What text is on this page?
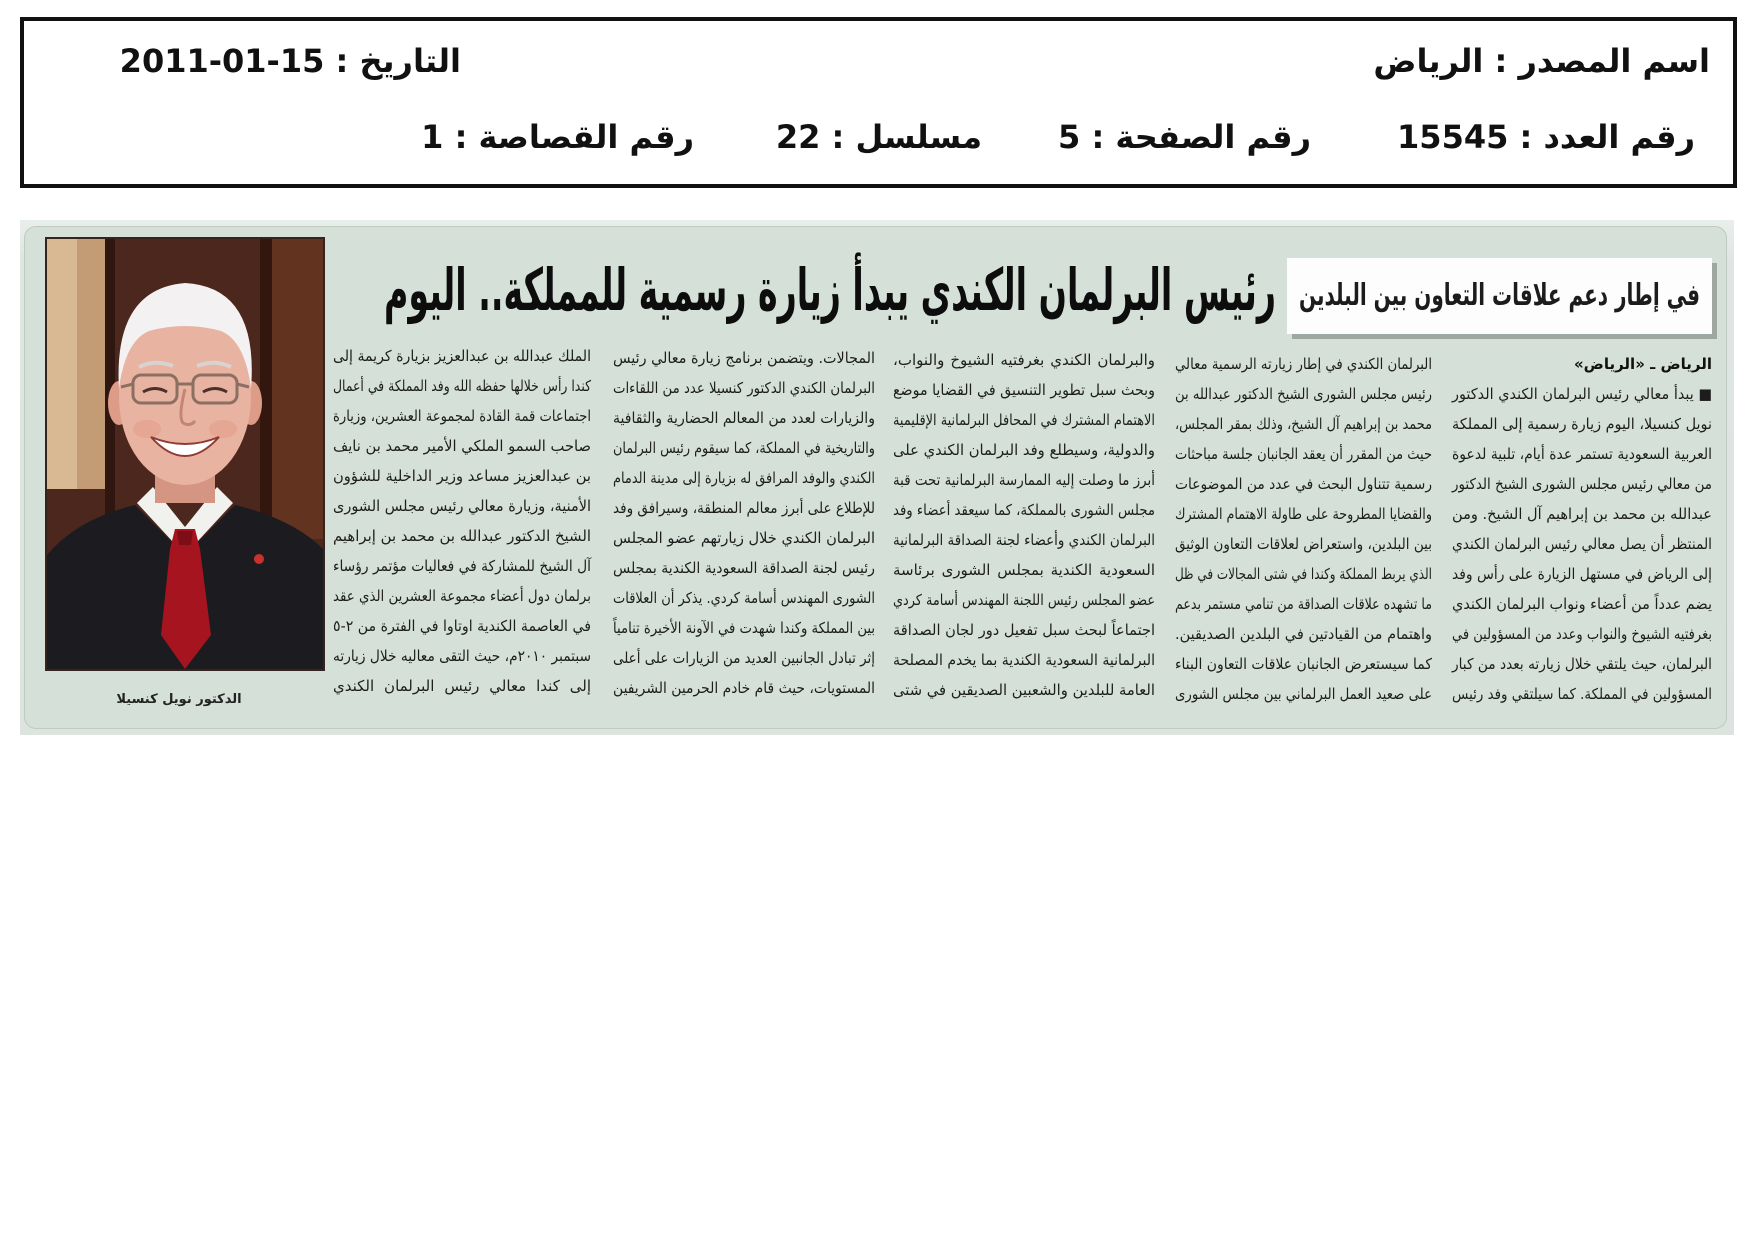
اسم المصدر : الرياض
التاريخ : 2011-01-15
رقم العدد : 15545
رقم الصفحة : 5
مسلسل : 22
رقم القصاصة : 1
الدكتور نويل كنسيلا
رئيس البرلمان الكندي يبدأ زيارة رسمية للمملكة.. اليوم في إطار دعم علاقات التعاون بين البلدين
الرياض ـ «الرياض»
■ يبدأ معالي رئيس البرلمان الكندي الدكتور
نويل كنسيلا، اليوم زيارة رسمية إلى المملكة
العربية السعودية تستمر عدة أيام، تلبية لدعوة
من معالي رئيس مجلس الشورى الشيخ الدكتور
عبدالله بن محمد بن إبراهيم آل الشيخ. ومن
المنتظر أن يصل معالي رئيس البرلمان الكندي
إلى الرياض في مستهل الزيارة على رأس وفد
يضم عدداً من أعضاء ونواب البرلمان الكندي
بغرفتيه الشيوخ والنواب وعدد من المسؤولين في
البرلمان، حيث يلتقي خلال زيارته بعدد من كبار
المسؤولين في المملكة. كما سيلتقي وفد رئيس
البرلمان الكندي في إطار زيارته الرسمية معالي
رئيس مجلس الشورى الشيخ الدكتور عبدالله بن
محمد بن إبراهيم آل الشيخ، وذلك بمقر المجلس،
حيث من المقرر أن يعقد الجانبان جلسة مباحثات
رسمية تتناول البحث في عدد من الموضوعات
والقضايا المطروحة على طاولة الاهتمام المشترك
بين البلدين، واستعراض لعلاقات التعاون الوثيق
الذي يربط المملكة وكندا في شتى المجالات في ظل
ما تشهده علاقات الصداقة من تنامي مستمر بدعم
واهتمام من القيادتين في البلدين الصديقين.
كما سيستعرض الجانبان علاقات التعاون البناء
على صعيد العمل البرلماني بين مجلس الشورى
والبرلمان الكندي بغرفتيه الشيوخ والنواب،
وبحث سبل تطوير التنسيق في القضايا موضع
الاهتمام المشترك في المحافل البرلمانية الإقليمية
والدولية، وسيطلع وفد البرلمان الكندي على
أبرز ما وصلت إليه الممارسة البرلمانية تحت قبة
مجلس الشورى بالمملكة، كما سيعقد أعضاء وفد
البرلمان الكندي وأعضاء لجنة الصداقة البرلمانية
السعودية الكندية بمجلس الشورى برئاسة
عضو المجلس رئيس اللجنة المهندس أسامة كردي
اجتماعاً لبحث سبل تفعيل دور لجان الصداقة
البرلمانية السعودية الكندية بما يخدم المصلحة
العامة للبلدين والشعبين الصديقين في شتى
المجالات. ويتضمن برنامج زيارة معالي رئيس
البرلمان الكندي الدكتور كنسيلا عدد من اللقاءات
والزيارات لعدد من المعالم الحضارية والثقافية
والتاريخية في المملكة، كما سيقوم رئيس البرلمان
الكندي والوفد المرافق له بزيارة إلى مدينة الدمام
للإطلاع على أبرز معالم المنطقة، وسيرافق وفد
البرلمان الكندي خلال زيارتهم عضو المجلس
رئيس لجنة الصداقة السعودية الكندية بمجلس
الشورى المهندس أسامة كردي. يذكر أن العلاقات
بين المملكة وكندا شهدت في الآونة الأخيرة تنامياً
إثر تبادل الجانبين العديد من الزيارات على أعلى
المستويات، حيث قام خادم الحرمين الشريفين
الملك عبدالله بن عبدالعزيز بزيارة كريمة إلى
كندا رأس خلالها حفظه الله وفد المملكة في أعمال
اجتماعات قمة القادة لمجموعة العشرين، وزيارة
صاحب السمو الملكي الأمير محمد بن نايف
بن عبدالعزيز مساعد وزير الداخلية للشؤون
الأمنية، وزيارة معالي رئيس مجلس الشورى
الشيخ الدكتور عبدالله بن محمد بن إبراهيم
آل الشيخ للمشاركة في فعاليات مؤتمر رؤساء
برلمان دول أعضاء مجموعة العشرين الذي عقد
في العاصمة الكندية اوتاوا في الفترة من ٢-٥
سبتمبر ٢٠١٠م، حيث التقى معاليه خلال زيارته
إلى كندا معالي رئيس البرلمان الكندي
